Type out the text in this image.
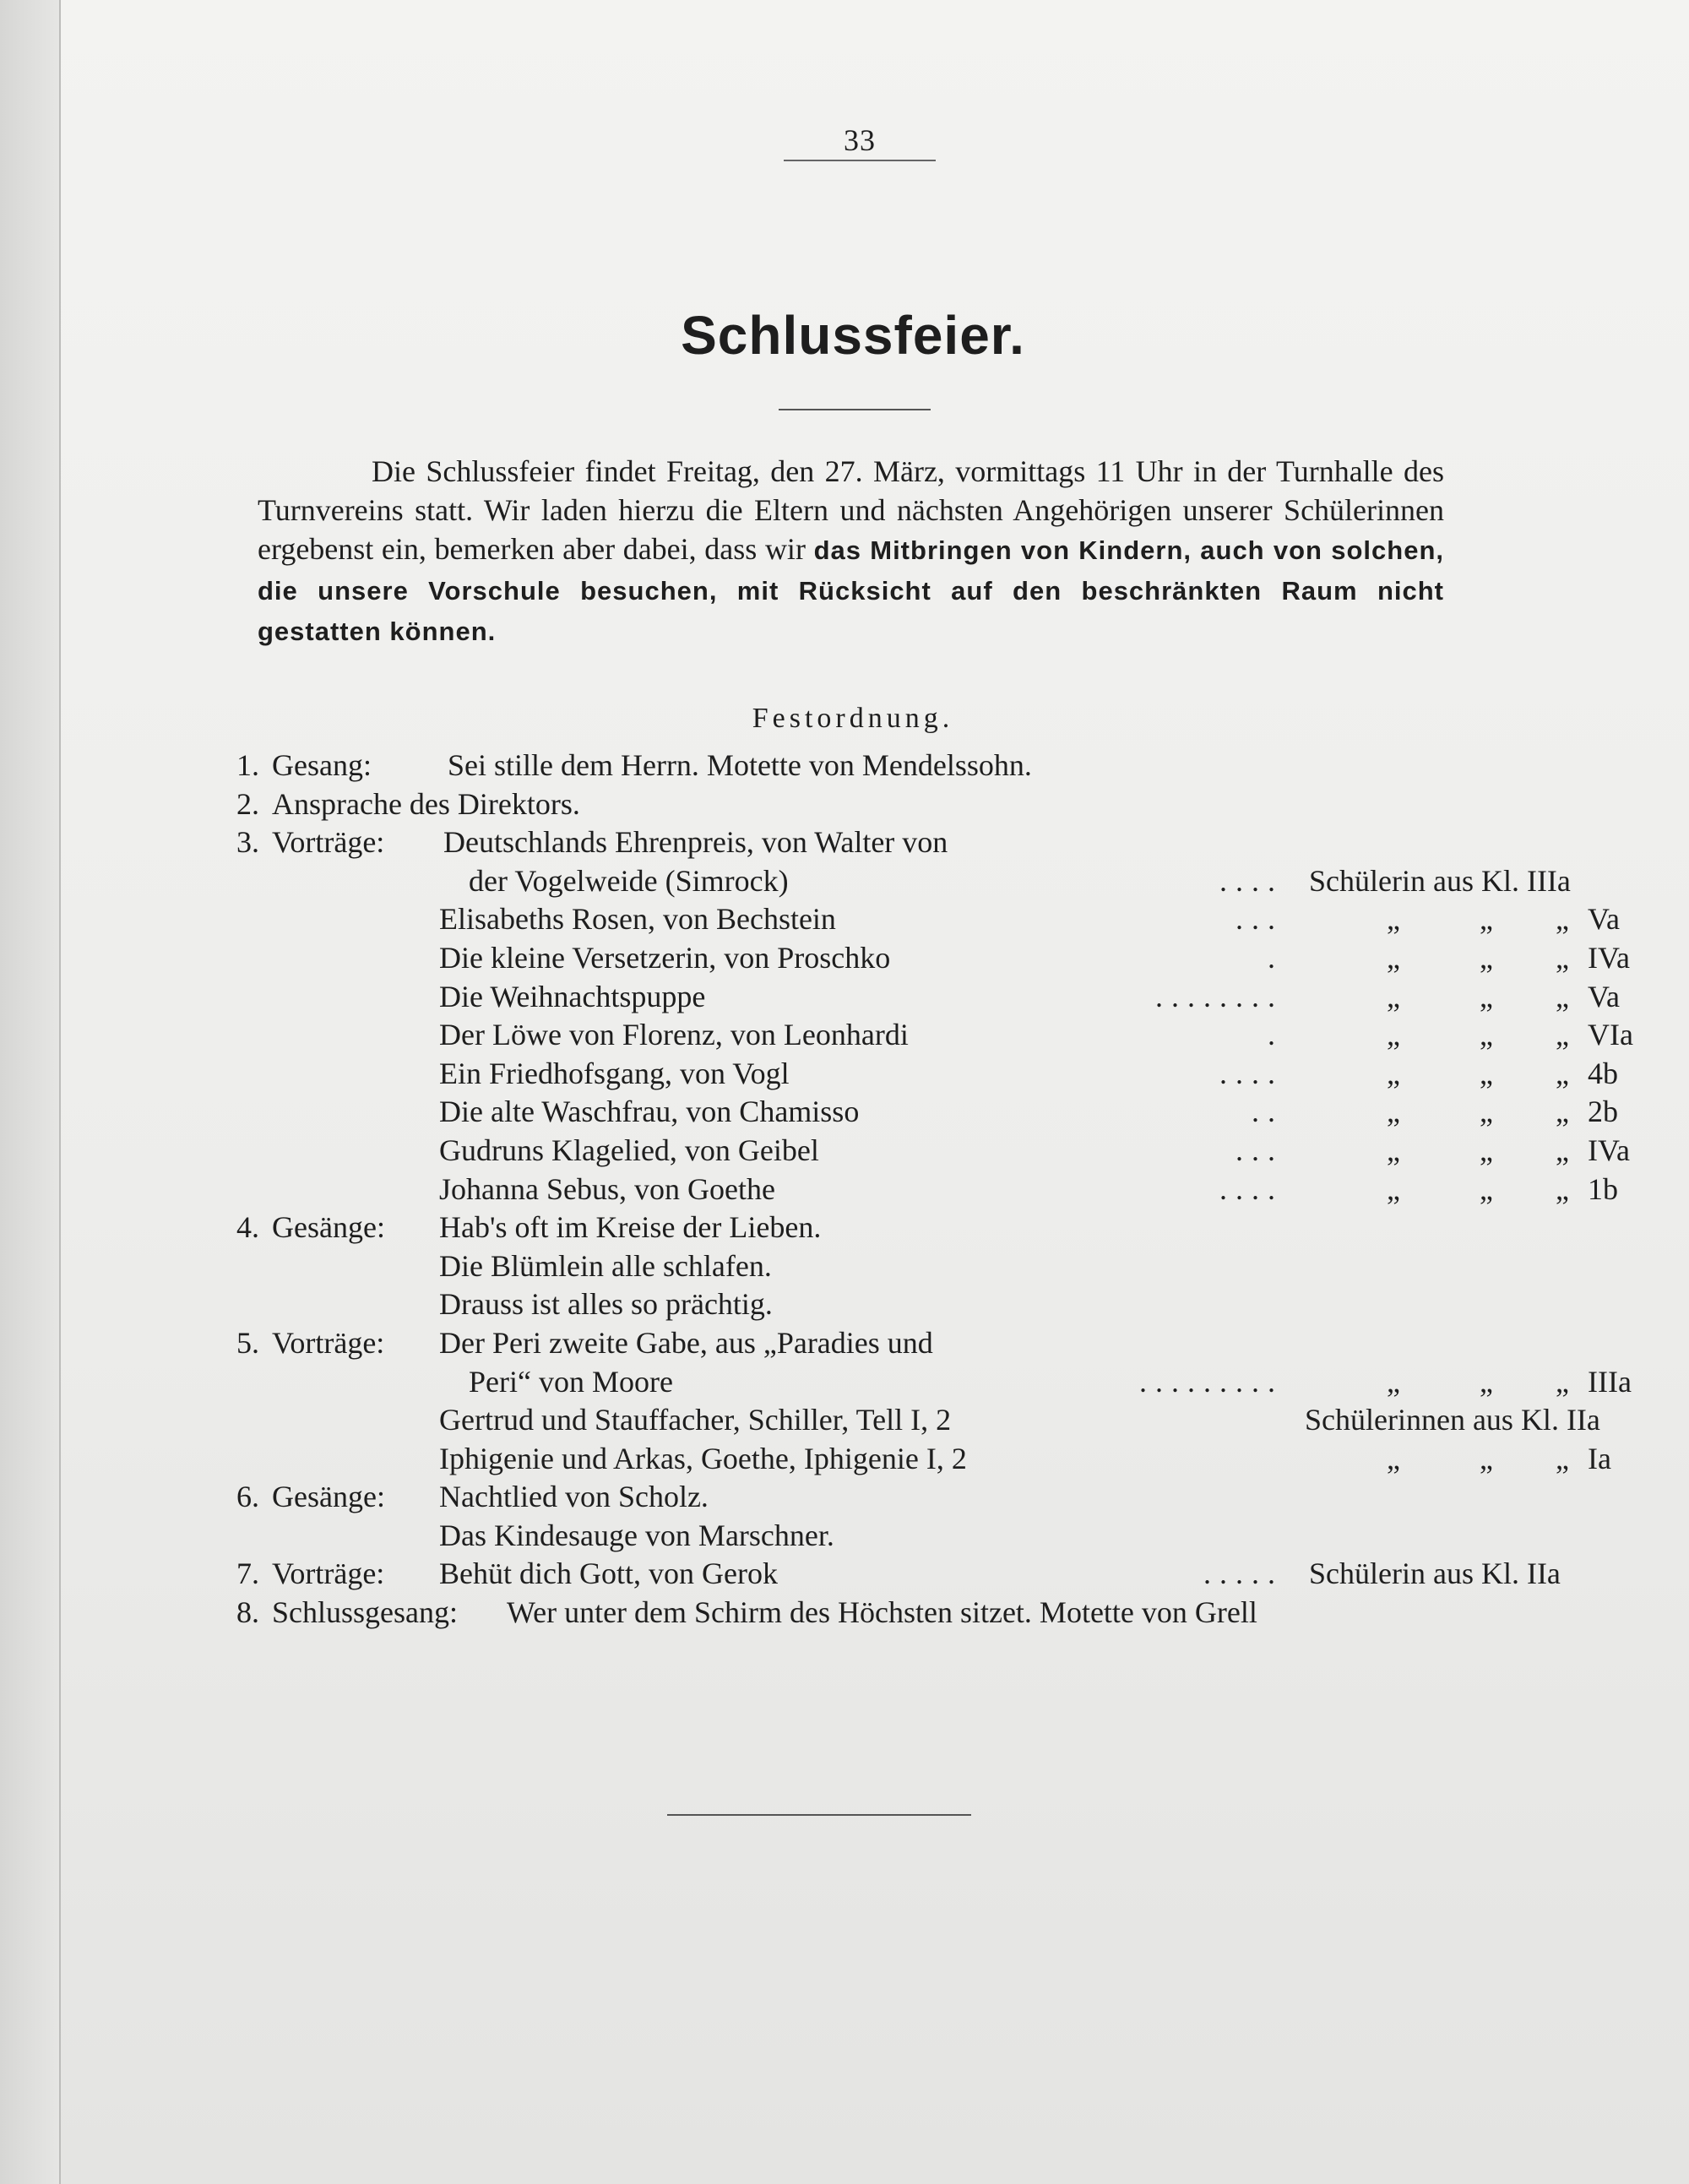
33
Schlussfeier.
Die Schlussfeier findet Freitag, den 27. März, vormittags 11 Uhr in der Turnhalle des Turnvereins statt. Wir laden hierzu die Eltern und nächsten Angehörigen unserer Schülerinnen ergebenst ein, bemerken aber dabei, dass wir das Mitbringen von Kindern, auch von solchen, die unsere Vorschule besuchen, mit Rücksicht auf den beschränkten Raum nicht gestatten können.
Festordnung.
1. Gesang:	Sei stille dem Herrn. Motette von Mendelssohn.
2. Ansprache des Direktors.
3. Vorträge: Deutschlands Ehrenpreis, von Walter von
der Vogelweide (Simrock)	.... Schülerin aus Kl. IIIa
Elisabeths Rosen, von Bechstein	...	„	„ „ Va
Die kleine Versetzerin, von Proschko	.	„	„ „ IVa
Die Weihnachtspuppe	........	„	„ „ Va
Der Löwe von Florenz, von Leonhardi	.	„	„ „ VIa
Ein Friedhofsgang, von Vogl	....	„	„ „ 4b
Die alte Waschfrau, von Chamisso	..	„	„ „ 2b
Gudruns Klagelied, von Geibel	...	„	„ „ IVa
Johanna Sebus, von Goethe	....	„	„ „ 1b
4. Gesänge: Hab's oft im Kreise der Lieben.
Die Blümlein alle schlafen.
Drauss ist alles so prächtig.
5. Vorträge: Der Peri zweite Gabe, aus „Paradies und
Peri“ von Moore	.........	„	„ „ IIIa
Gertrud und Stauffacher, Schiller, Tell I, 2	Schülerinnen aus Kl. IIa
Iphigenie und Arkas, Goethe, Iphigenie I, 2	„	„ „ Ia
6. Gesänge: Nachtlied von Scholz.
Das Kindesauge von Marschner.
7. Vorträge: Behüt dich Gott, von Gerok	..... Schülerin aus Kl. IIa
8. Schlussgesang: Wer unter dem Schirm des Höchsten sitzet. Motette von Grell
